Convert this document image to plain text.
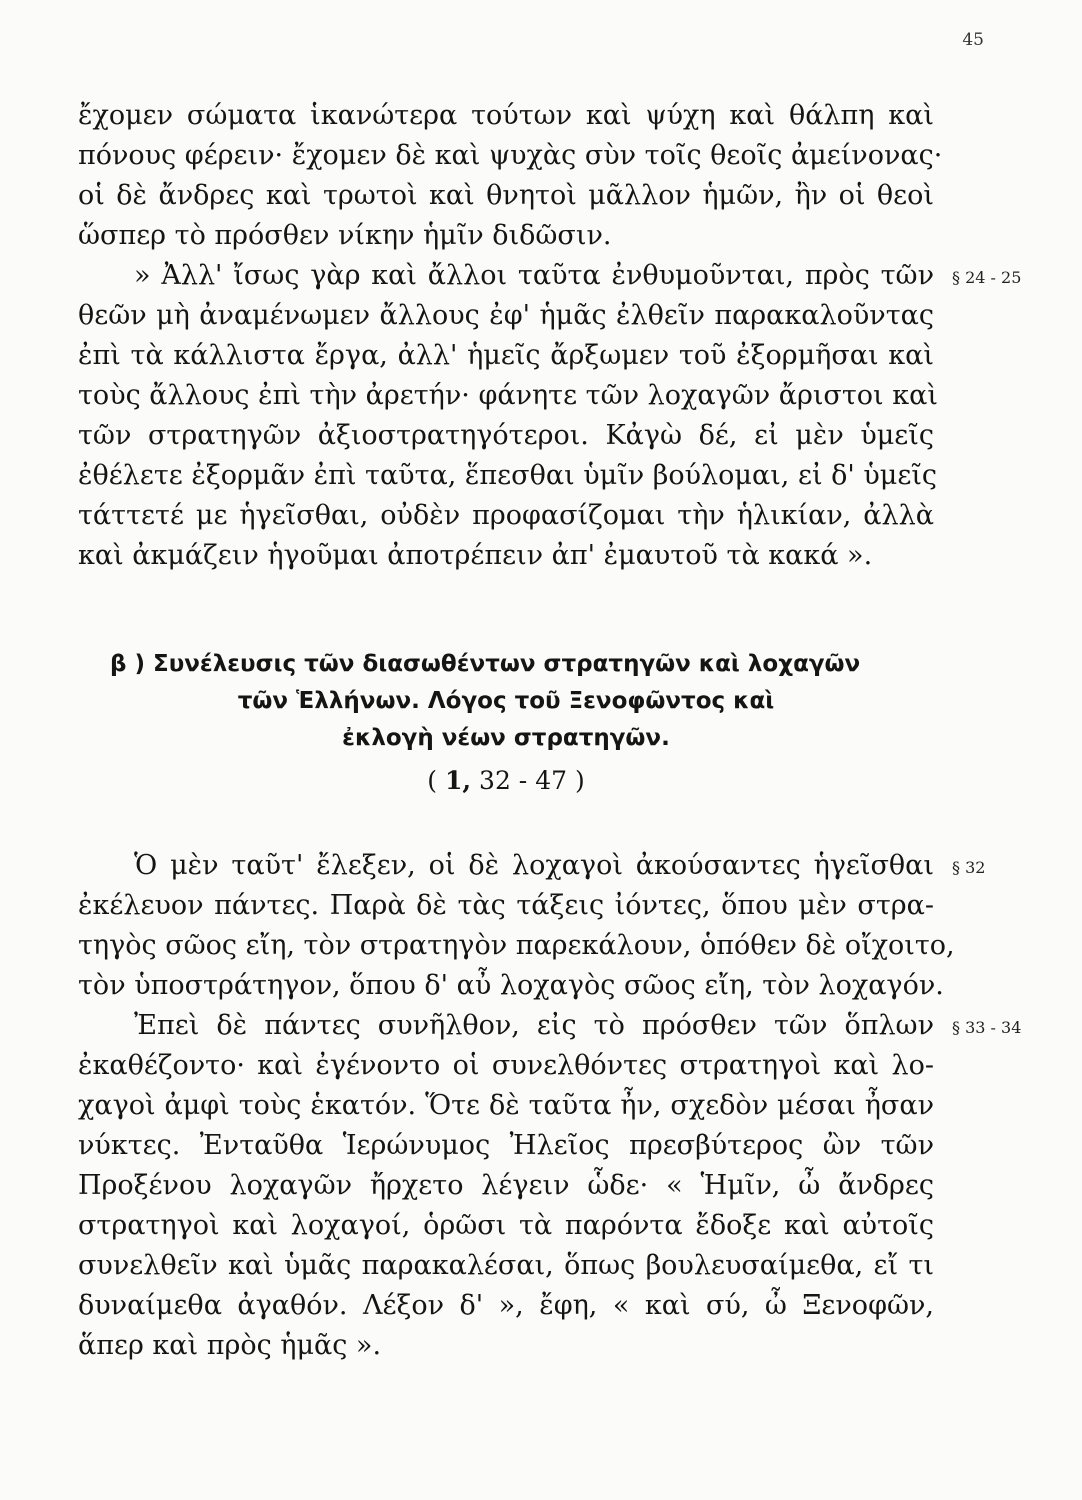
45
ἔχομεν σώματα ἱκανώτερα τούτων καὶ ψύχη καὶ θάλπη καὶ
πόνους φέρειν· ἔχομεν δὲ καὶ ψυχὰς σὺν τοῖς θεοῖς ἀμείνονας·
οἱ δὲ ἄνδρες καὶ τρωτοὶ καὶ θνητοὶ μᾶλλον ἡμῶν, ἢν οἱ θεοὶ
ὥσπερ τὸ πρόσθεν νίκην ἡμῖν διδῶσιν.
» Ἀλλ' ἴσως γὰρ καὶ ἄλλοι ταῦτα ἐνθυμοῦνται, πρὸς τῶν § 24 - 25
θεῶν μὴ ἀναμένωμεν ἄλλους ἐφ' ἡμᾶς ἐλθεῖν παρακαλοῦντας
ἐπὶ τὰ κάλλιστα ἔργα, ἀλλ' ἡμεῖς ἄρξωμεν τοῦ ἐξορμῆσαι καὶ
τοὺς ἄλλους ἐπὶ τὴν ἀρετήν· φάνητε τῶν λοχαγῶν ἄριστοι καὶ
τῶν στρατηγῶν ἀξιοστρατηγότεροι. Κἀγὼ δέ, εἰ μὲν ὑμεῖς
ἐθέλετε ἐξορμᾶν ἐπὶ ταῦτα, ἕπεσθαι ὑμῖν βούλομαι, εἰ δ' ὑμεῖς
τάττετέ με ἡγεῖσθαι, οὐδὲν προφασίζομαι τὴν ἡλικίαν, ἀλλὰ
καὶ ἀκμάζειν ἡγοῦμαι ἀποτρέπειν ἀπ' ἐμαυτοῦ τὰ κακά ».
β ) Συνέλευσις τῶν διασωθέντων στρατηγῶν καὶ λοχαγῶν
τῶν Ἑλλήνων. Λόγος τοῦ Ξενοφῶντος καὶ
ἐκλογὴ νέων στρατηγῶν.
( 1, 32 - 47 )
Ὁ μὲν ταῦτ' ἔλεξεν, οἱ δὲ λοχαγοὶ ἀκούσαντες ἡγεῖσθαι § 32
ἐκέλευον πάντες. Παρὰ δὲ τὰς τάξεις ἰόντες, ὅπου μὲν στρα-
τηγὸς σῶος εἴη, τὸν στρατηγὸν παρεκάλουν, ὁπόθεν δὲ οἴχοιτο,
τὸν ὑποστράτηγον, ὅπου δ' αὖ λοχαγὸς σῶος εἴη, τὸν λοχαγόν.
Ἐπεὶ δὲ πάντες συνῆλθον, εἰς τὸ πρόσθεν τῶν ὅπλων § 33 - 34
ἐκαθέζοντο· καὶ ἐγένοντο οἱ συνελθόντες στρατηγοὶ καὶ λο-
χαγοὶ ἀμφὶ τοὺς ἑκατόν. Ὅτε δὲ ταῦτα ἦν, σχεδὸν μέσαι ἦσαν
νύκτες. Ἐνταῦθα Ἱερώνυμος Ἠλεῖος πρεσβύτερος ὢν τῶν
Προξένου λοχαγῶν ἤρχετο λέγειν ὧδε· « Ἡμῖν, ὦ ἄνδρες
στρατηγοὶ καὶ λοχαγοί, ὁρῶσι τὰ παρόντα ἔδοξε καὶ αὐτοῖς
συνελθεῖν καὶ ὑμᾶς παρακαλέσαι, ὅπως βουλευσαίμεθα, εἴ τι
δυναίμεθα ἀγαθόν. Λέξον δ' », ἔφη, « καὶ σύ, ὦ Ξενοφῶν,
ἅπερ καὶ πρὸς ἡμᾶς ».
